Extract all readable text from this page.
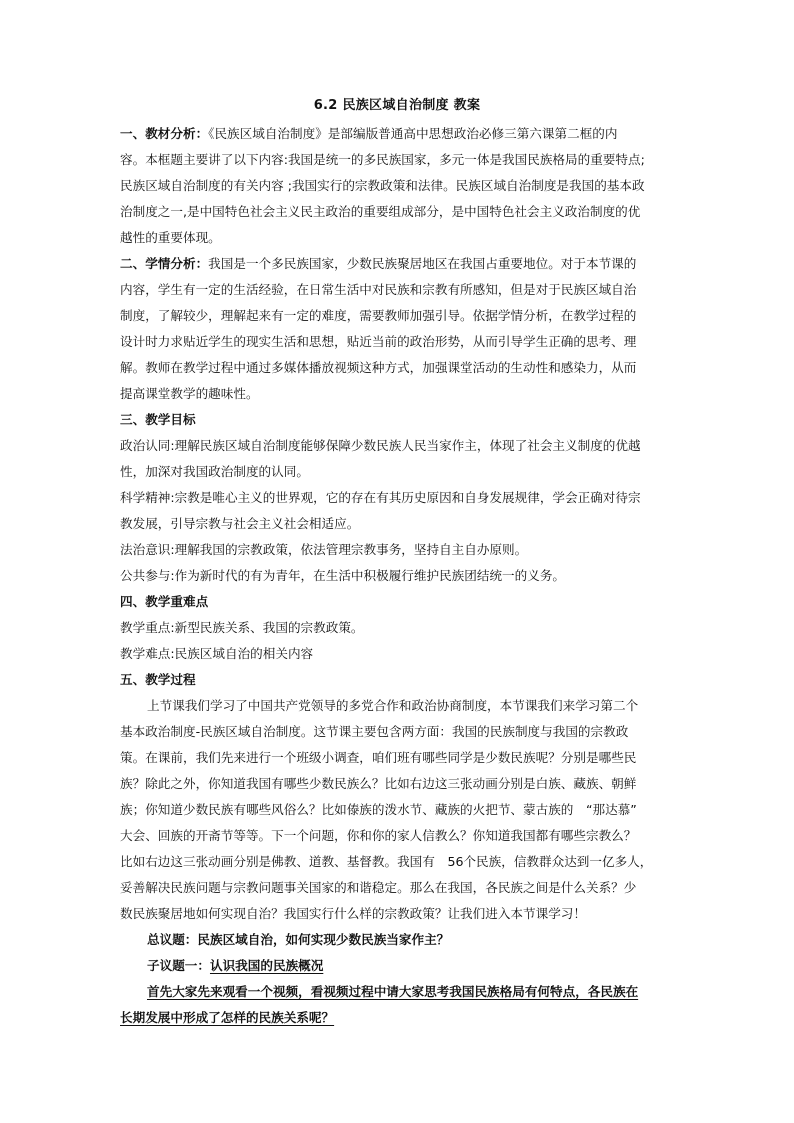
6.2 民族区域自治制度 教案
一、教材分析：《民族区域自治制度》是部编版普通高中思想政治必修三第六课第二框的内
容。本框题主要讲了以下内容:我国是统一的多民族国家，多元一体是我国民族格局的重要特点;
民族区域自治制度的有关内容 ;我国实行的宗教政策和法律。民族区域自治制度是我国的基本政
治制度之一,是中国特色社会主义民主政治的重要组成部分，是中国特色社会主义政治制度的优
越性的重要体现。
二、学情分析：我国是一个多民族国家，少数民族聚居地区在我国占重要地位。对于本节课的
内容，学生有一定的生活经验，在日常生活中对民族和宗教有所感知，但是对于民族区域自治
制度，了解较少，理解起来有一定的难度，需要教师加强引导。依据学情分析，在教学过程的
设计时力求贴近学生的现实生活和思想，贴近当前的政治形势，从而引导学生正确的思考、理
解。教师在教学过程中通过多媒体播放视频这种方式，加强课堂活动的生动性和感染力，从而
提高课堂教学的趣味性。
三、教学目标
政治认同:理解民族区域自治制度能够保障少数民族人民当家作主，体现了社会主义制度的优越
性，加深对我国政治制度的认同。
科学精神:宗教是唯心主义的世界观，它的存在有其历史原因和自身发展规律，学会正确对待宗
教发展，引导宗教与社会主义社会相适应。
法治意识:理解我国的宗教政策，依法管理宗教事务，坚持自主自办原则。
公共参与:作为新时代的有为青年，在生活中积极履行维护民族团结统一的义务。
四、教学重难点
教学重点:新型民族关系、我国的宗教政策。
教学难点:民族区域自治的相关内容
五、教学过程
上节课我们学习了中国共产党领导的多党合作和政治协商制度，本节课我们来学习第二个
基本政治制度-民族区域自治制度。这节课主要包含两方面：我国的民族制度与我国的宗教政
策。在课前，我们先来进行一个班级小调查，咱们班有哪些同学是少数民族呢？分别是哪些民
族？除此之外，你知道我国有哪些少数民族么？比如右边这三张动画分别是白族、藏族、朝鲜
族；你知道少数民族有哪些风俗么？比如傣族的泼水节、藏族的火把节、蒙古族的　“那达慕”
大会、回族的开斋节等等。下一个问题，你和你的家人信教么？你知道我国都有哪些宗教么？
比如右边这三张动画分别是佛教、道教、基督教。我国有　56个民族，信教群众达到一亿多人，
妥善解决民族问题与宗教问题事关国家的和谐稳定。那么在我国，各民族之间是什么关系？少
数民族聚居地如何实现自治？我国实行什么样的宗教政策？让我们进入本节课学习！
总议题：民族区域自治，如何实现少数民族当家作主？
子议题一：认识我国的民族概况
首先大家先来观看一个视频，看视频过程中请大家思考我国民族格局有何特点，各民族在
长期发展中形成了怎样的民族关系呢？
